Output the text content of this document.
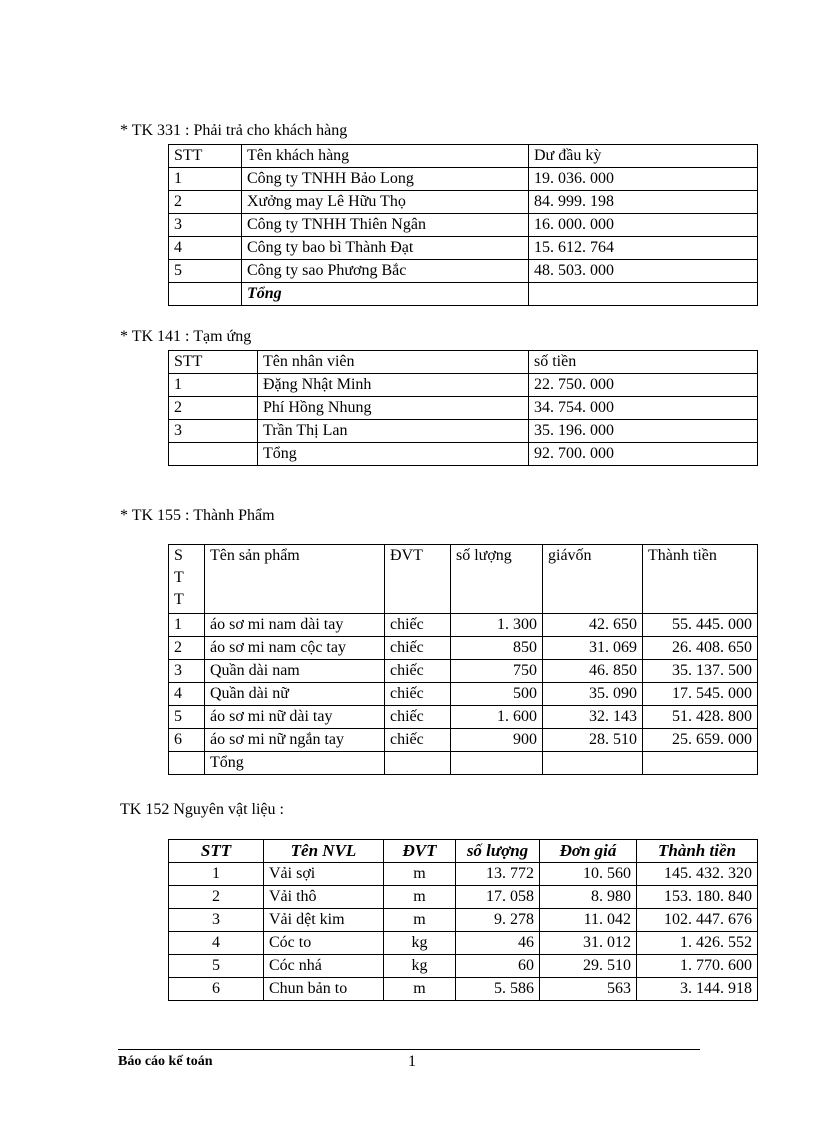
* TK 331 : Phải trả cho khách hàng
STT	Tên khách hàng	Dư đầu kỳ
1	Công ty TNHH Bảo Long	19. 036. 000
2	Xưởng may Lê Hữu Thọ	84. 999. 198
3	Công ty TNHH Thiên Ngân	16. 000. 000
4	Công ty bao bì Thành Đạt	15. 612. 764
5	Công ty sao Phương Bắc	48. 503. 000
	Tổng	
* TK 141 : Tạm ứng
STT	Tên nhân viên	số tiền
1	Đặng Nhật Minh	22. 750. 000
2	Phí Hồng Nhung	34. 754. 000
3	Trần Thị Lan	35. 196. 000
	Tổng	92. 700. 000
* TK 155 : Thành Phẩm
STT	Tên sản phẩm	ĐVT	số lượng	giávốn	Thành tiền
1	áo sơ mi nam dài tay	chiếc	1. 300	42. 650	55. 445. 000
2	áo sơ mi nam cộc tay	chiếc	850	31. 069	26. 408. 650
3	Quần dài nam	chiếc	750	46. 850	35. 137. 500
4	Quần dài nữ	chiếc	500	35. 090	17. 545. 000
5	áo sơ mi nữ dài tay	chiếc	1. 600	32. 143	51. 428. 800
6	áo sơ mi nữ ngắn tay	chiếc	900	28. 510	25. 659. 000
	Tổng				
TK 152 Nguyên vật liệu :
STT	Tên NVL	ĐVT	số lượng	Đơn giá	Thành tiền
1	Vải sợi	m	13. 772	10. 560	145. 432. 320
2	Vải thô	m	17. 058	8. 980	153. 180. 840
3	Vải dệt kim	m	9. 278	11. 042	102. 447. 676
4	Cóc to	kg	46	31. 012	1. 426. 552
5	Cóc nhá	kg	60	29. 510	1. 770. 600
6	Chun bản to	m	5. 586	563	3. 144. 918
Báo cáo kế toán	1
